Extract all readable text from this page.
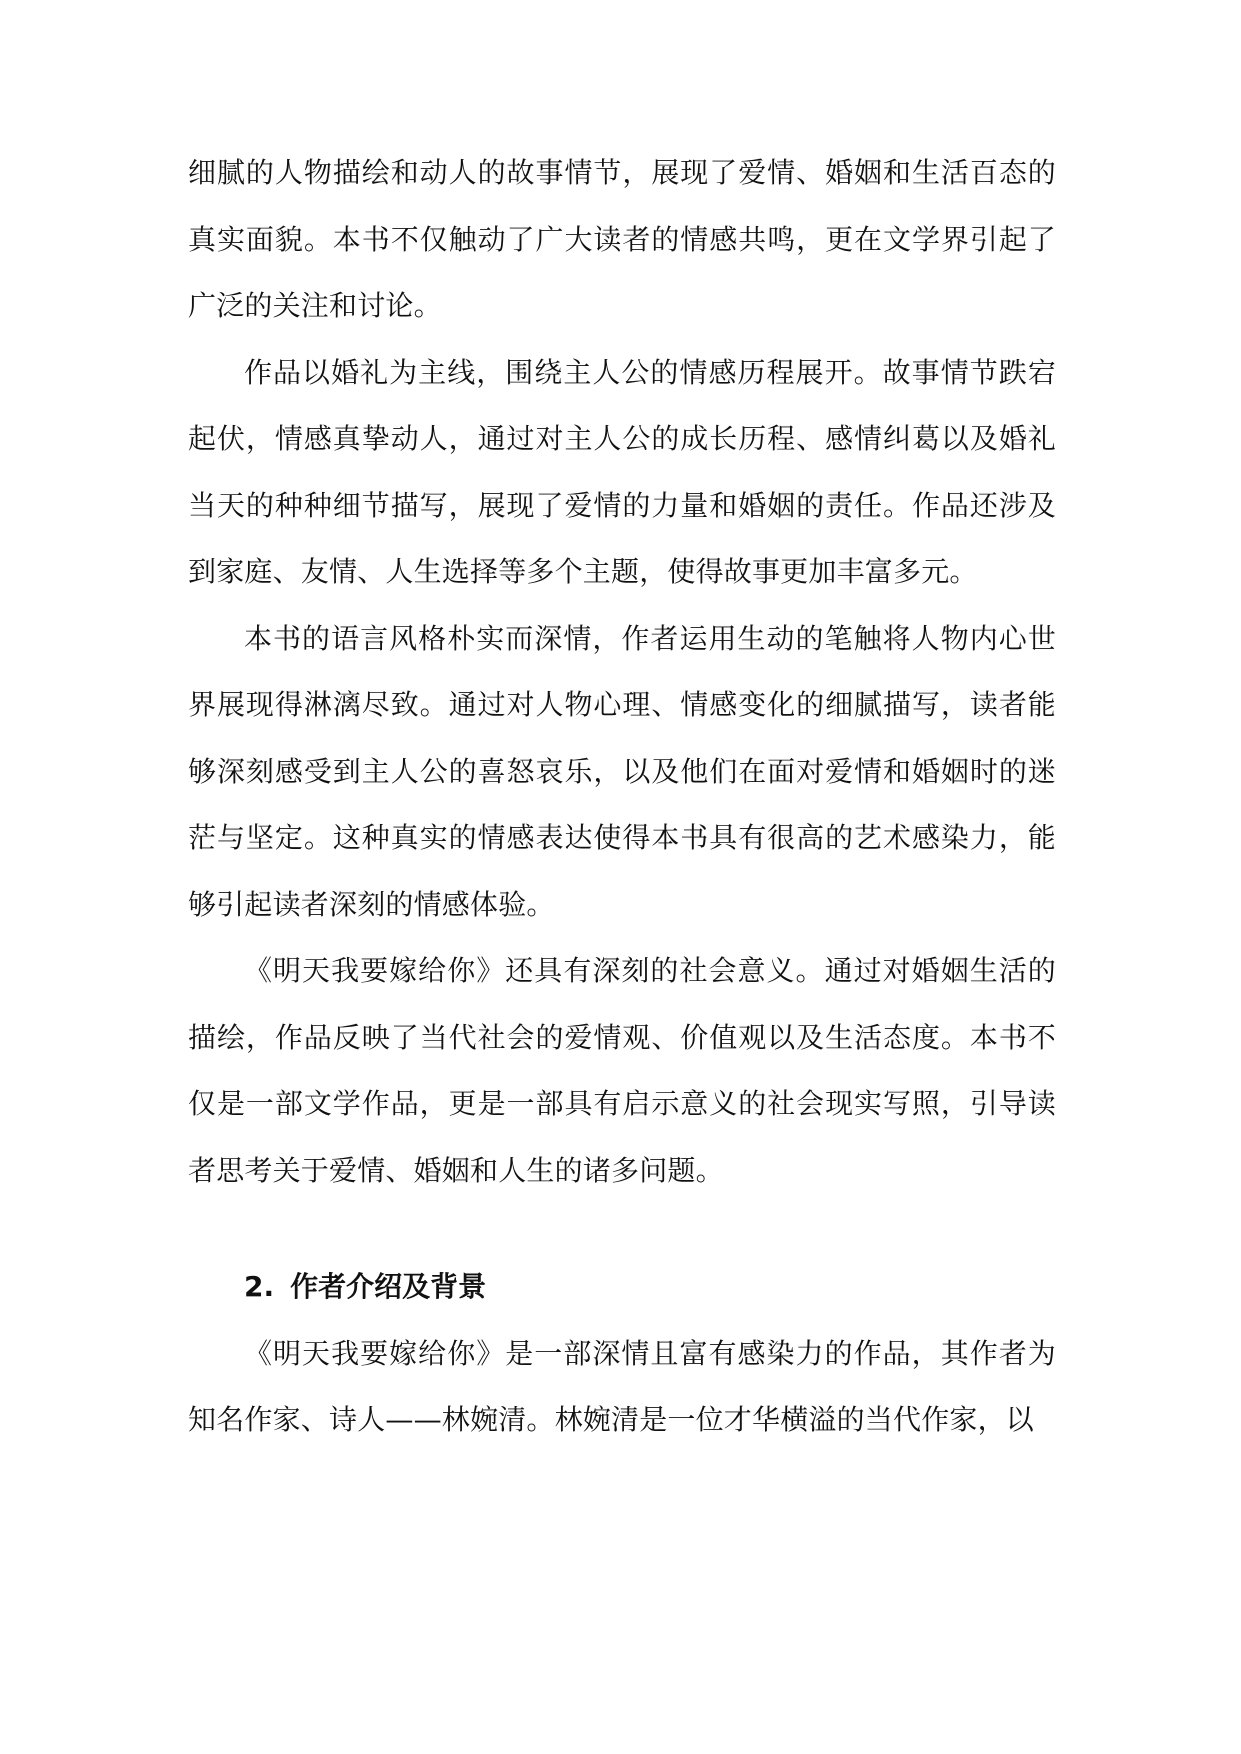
细腻的人物描绘和动人的故事情节，展现了爱情、婚姻和生活百态的真实面貌。本书不仅触动了广大读者的情感共鸣，更在文学界引起了广泛的关注和讨论。

作品以婚礼为主线，围绕主人公的情感历程展开。故事情节跌宕起伏，情感真挚动人，通过对主人公的成长历程、感情纠葛以及婚礼当天的种种细节描写，展现了爱情的力量和婚姻的责任。作品还涉及到家庭、友情、人生选择等多个主题，使得故事更加丰富多元。

本书的语言风格朴实而深情，作者运用生动的笔触将人物内心世界展现得淋漓尽致。通过对人物心理、情感变化的细腻描写，读者能够深刻感受到主人公的喜怒哀乐，以及他们在面对爱情和婚姻时的迷茫与坚定。这种真实的情感表达使得本书具有很高的艺术感染力，能够引起读者深刻的情感体验。

《明天我要嫁给你》还具有深刻的社会意义。通过对婚姻生活的描绘，作品反映了当代社会的爱情观、价值观以及生活态度。本书不仅是一部文学作品，更是一部具有启示意义的社会现实写照，引导读者思考关于爱情、婚姻和人生的诸多问题。

2. 作者介绍及背景

《明天我要嫁给你》是一部深情且富有感染力的作品，其作者为知名作家、诗人——林婉清。林婉清是一位才华横溢的当代作家，以
